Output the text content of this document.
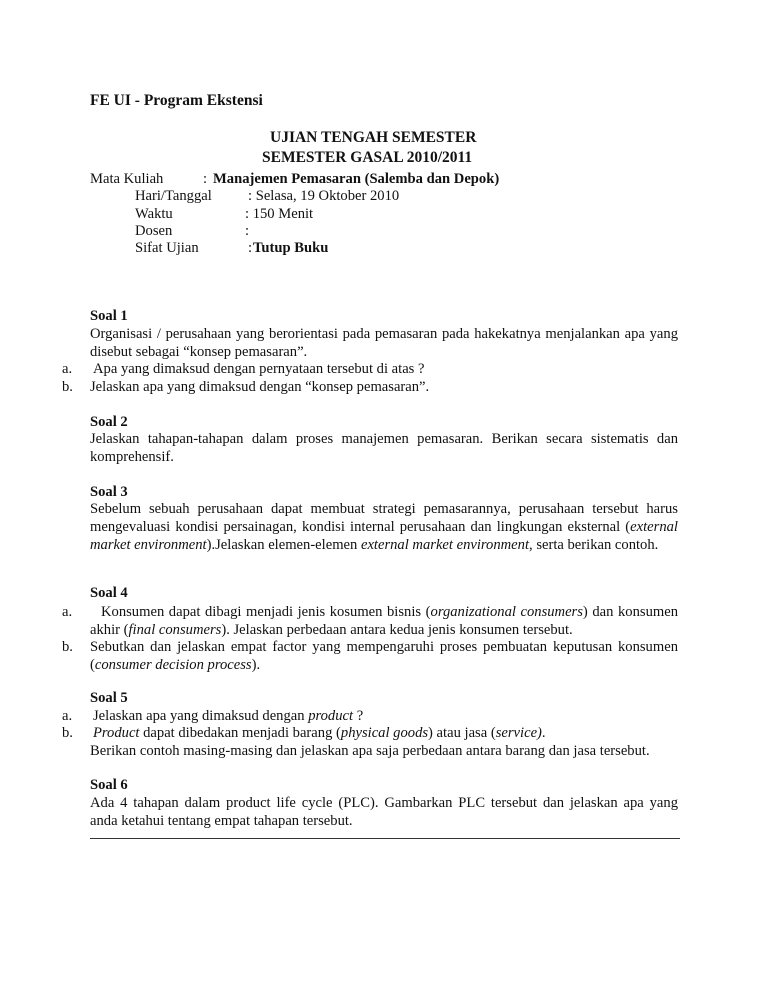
FE UI - Program Ekstensi
UJIAN TENGAH SEMESTER
SEMESTER GASAL 2010/2011
Mata Kuliah	: Manajemen Pemasaran (Salemba dan Depok)
Hari/Tanggal : Selasa, 19 Oktober 2010
Waktu	: 150 Menit
Dosen	:
Sifat Ujian	: Tutup Buku
Soal 1
Organisasi / perusahaan yang berorientasi pada pemasaran pada hakekatnya menjalankan apa yang disebut sebagai “konsep pemasaran”.
a. Apa yang dimaksud dengan pernyataan tersebut di atas ?
b. Jelaskan apa yang dimaksud dengan “konsep pemasaran”.
Soal 2
Jelaskan tahapan-tahapan dalam proses manajemen pemasaran. Berikan secara sistematis dan komprehensif.
Soal 3
Sebelum sebuah perusahaan dapat membuat strategi pemasarannya, perusahaan tersebut harus mengevaluasi kondisi persainagan, kondisi internal perusahaan dan lingkungan eksternal (external market environment).Jelaskan elemen-elemen external market environment, serta berikan contoh.
Soal 4
a.	Konsumen dapat dibagi menjadi jenis kosumen bisnis (organizational consumers) dan konsumen akhir (final consumers). Jelaskan perbedaan antara kedua jenis konsumen tersebut.
b. Sebutkan dan jelaskan empat factor yang mempengaruhi proses pembuatan keputusan konsumen (consumer decision process).
Soal 5
a. Jelaskan apa yang dimaksud dengan product ?
b. Product dapat dibedakan menjadi barang (physical goods) atau jasa (service).
Berikan contoh masing-masing dan jelaskan apa saja perbedaan antara barang dan jasa tersebut.
Soal 6
Ada 4 tahapan dalam product life cycle (PLC). Gambarkan PLC tersebut dan jelaskan apa yang anda ketahui tentang empat tahapan tersebut.
